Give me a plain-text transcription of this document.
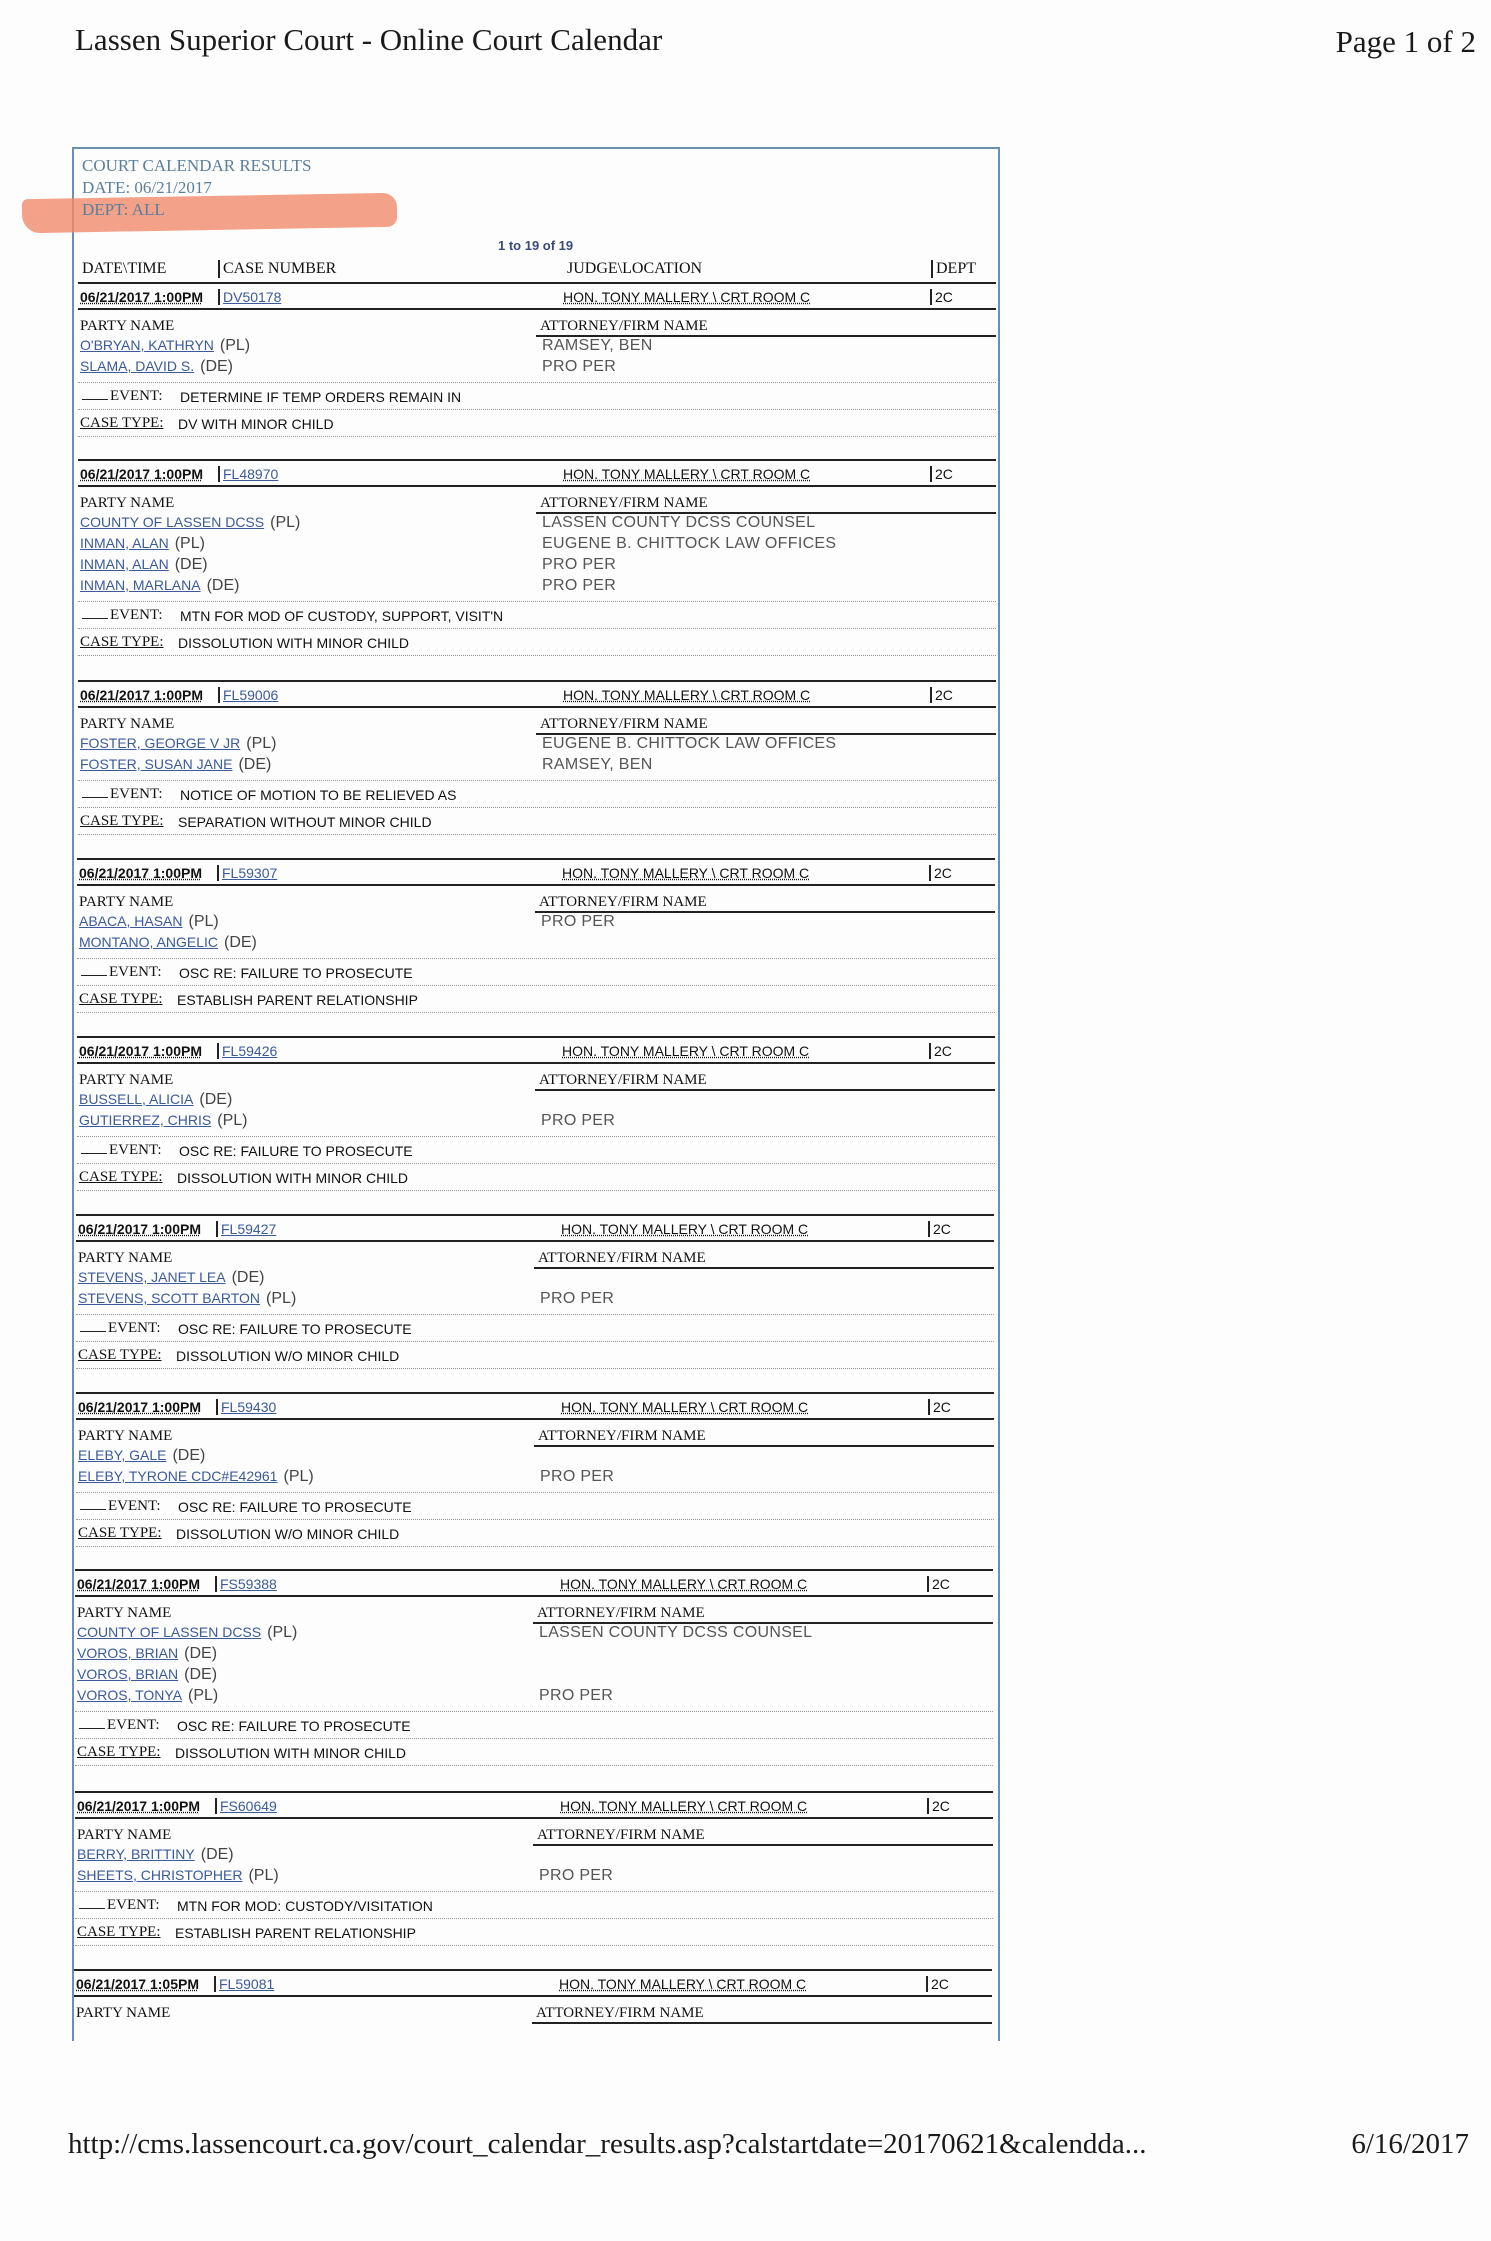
Lassen Superior Court - Online Court Calendar	Page 1 of 2
COURT CALENDAR RESULTS
DATE: 06/21/2017
DEPT: ALL
1 to 19 of 19
DATE\TIME	CASE NUMBER	JUDGE\LOCATION	DEPT
06/21/2017 1:00PM	DV50178	HON. TONY MALLERY \ CRT ROOM C	2C
PARTY NAME	ATTORNEY/FIRM NAME
O'BRYAN, KATHRYN (PL)	RAMSEY, BEN
SLAMA, DAVID S. (DE)	PRO PER
EVENT: DETERMINE IF TEMP ORDERS REMAIN IN
CASE TYPE: DV WITH MINOR CHILD
06/21/2017 1:00PM	FL48970	HON. TONY MALLERY \ CRT ROOM C	2C
PARTY NAME	ATTORNEY/FIRM NAME
COUNTY OF LASSEN DCSS (PL)	LASSEN COUNTY DCSS COUNSEL
INMAN, ALAN (PL)	EUGENE B. CHITTOCK LAW OFFICES
INMAN, ALAN (DE)	PRO PER
INMAN, MARLANA (DE)	PRO PER
EVENT: MTN FOR MOD OF CUSTODY, SUPPORT, VISIT'N
CASE TYPE: DISSOLUTION WITH MINOR CHILD
06/21/2017 1:00PM	FL59006	HON. TONY MALLERY \ CRT ROOM C	2C
PARTY NAME	ATTORNEY/FIRM NAME
FOSTER, GEORGE V JR (PL)	EUGENE B. CHITTOCK LAW OFFICES
FOSTER, SUSAN JANE (DE)	RAMSEY, BEN
EVENT: NOTICE OF MOTION TO BE RELIEVED AS
CASE TYPE: SEPARATION WITHOUT MINOR CHILD
06/21/2017 1:00PM	FL59307	HON. TONY MALLERY \ CRT ROOM C	2C
PARTY NAME	ATTORNEY/FIRM NAME
ABACA, HASAN (PL)	PRO PER
MONTANO, ANGELIC (DE)
EVENT: OSC RE: FAILURE TO PROSECUTE
CASE TYPE: ESTABLISH PARENT RELATIONSHIP
06/21/2017 1:00PM	FL59426	HON. TONY MALLERY \ CRT ROOM C	2C
PARTY NAME	ATTORNEY/FIRM NAME
BUSSELL, ALICIA (DE)
GUTIERREZ, CHRIS (PL)	PRO PER
EVENT: OSC RE: FAILURE TO PROSECUTE
CASE TYPE: DISSOLUTION WITH MINOR CHILD
06/21/2017 1:00PM	FL59427	HON. TONY MALLERY \ CRT ROOM C	2C
PARTY NAME	ATTORNEY/FIRM NAME
STEVENS, JANET LEA (DE)
STEVENS, SCOTT BARTON (PL)	PRO PER
EVENT: OSC RE: FAILURE TO PROSECUTE
CASE TYPE: DISSOLUTION W/O MINOR CHILD
06/21/2017 1:00PM	FL59430	HON. TONY MALLERY \ CRT ROOM C	2C
PARTY NAME	ATTORNEY/FIRM NAME
ELEBY, GALE (DE)
ELEBY, TYRONE CDC#E42961 (PL)	PRO PER
EVENT: OSC RE: FAILURE TO PROSECUTE
CASE TYPE: DISSOLUTION W/O MINOR CHILD
06/21/2017 1:00PM	FS59388	HON. TONY MALLERY \ CRT ROOM C	2C
PARTY NAME	ATTORNEY/FIRM NAME
COUNTY OF LASSEN DCSS (PL)	LASSEN COUNTY DCSS COUNSEL
VOROS, BRIAN (DE)
VOROS, BRIAN (DE)
VOROS, TONYA (PL)	PRO PER
EVENT: OSC RE: FAILURE TO PROSECUTE
CASE TYPE: DISSOLUTION WITH MINOR CHILD
06/21/2017 1:00PM	FS60649	HON. TONY MALLERY \ CRT ROOM C	2C
PARTY NAME	ATTORNEY/FIRM NAME
BERRY, BRITTINY (DE)
SHEETS, CHRISTOPHER (PL)	PRO PER
EVENT: MTN FOR MOD: CUSTODY/VISITATION
CASE TYPE: ESTABLISH PARENT RELATIONSHIP
06/21/2017 1:05PM	FL59081	HON. TONY MALLERY \ CRT ROOM C	2C
PARTY NAME	ATTORNEY/FIRM NAME
http://cms.lassencourt.ca.gov/court_calendar_results.asp?calstartdate=20170621&calendda...	6/16/2017
